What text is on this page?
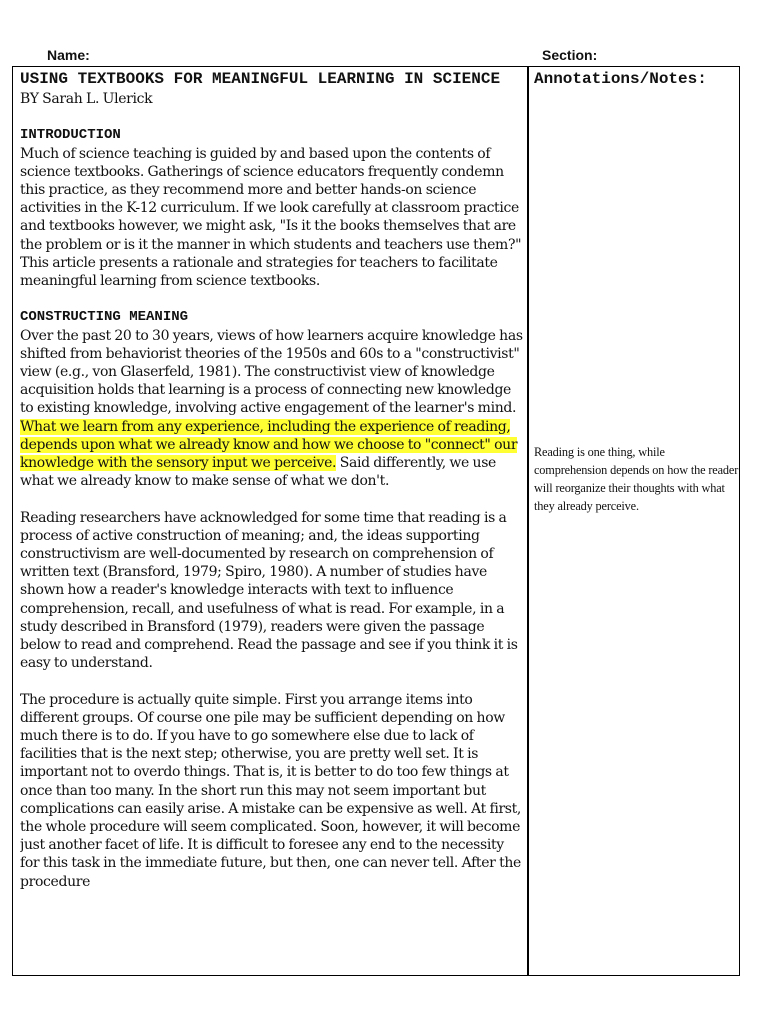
Name:	Section:
USING TEXTBOOKS FOR MEANINGFUL LEARNING IN SCIENCE
BY Sarah L. Ulerick
INTRODUCTION

Much of science teaching is guided by and based upon the contents of science textbooks. Gatherings of science educators frequently condemn this practice, as they recommend more and better hands-on science activities in the K-12 curriculum. If we look carefully at classroom practice and textbooks however, we might ask, "Is it the books themselves that are the problem or is it the manner in which students and teachers use them?" This article presents a rationale and strategies for teachers to facilitate meaningful learning from science textbooks.

CONSTRUCTING MEANING

Over the past 20 to 30 years, views of how learners acquire knowledge has shifted from behaviorist theories of the 1950s and 60s to a "constructivist" view (e.g., von Glaserfeld, 1981). The constructivist view of knowledge acquisition holds that learning is a process of connecting new knowledge to existing knowledge, involving active engagement of the learner's mind. What we learn from any experience, including the experience of reading, depends upon what we already know and how we choose to "connect" our knowledge with the sensory input we perceive. Said differently, we use what we already know to make sense of what we don't.

Reading researchers have acknowledged for some time that reading is a process of active construction of meaning; and, the ideas supporting constructivism are well-documented by research on comprehension of written text (Bransford, 1979; Spiro, 1980). A number of studies have shown how a reader's knowledge interacts with text to influence comprehension, recall, and usefulness of what is read. For example, in a study described in Bransford (1979), readers were given the passage below to read and comprehend. Read the passage and see if you think it is easy to understand.

The procedure is actually quite simple. First you arrange items into different groups. Of course one pile may be sufficient depending on how much there is to do. If you have to go somewhere else due to lack of facilities that is the next step; otherwise, you are pretty well set. It is important not to overdo things. That is, it is better to do too few things at once than too many. In the short run this may not seem important but complications can easily arise. A mistake can be expensive as well. At first, the whole procedure will seem complicated. Soon, however, it will become just another facet of life. It is difficult to foresee any end to the necessity for this task in the immediate future, but then, one can never tell. After the procedure

Annotations/Notes:
Reading is one thing, while comprehension depends on how the reader will reorganize their thoughts with what they already perceive.
